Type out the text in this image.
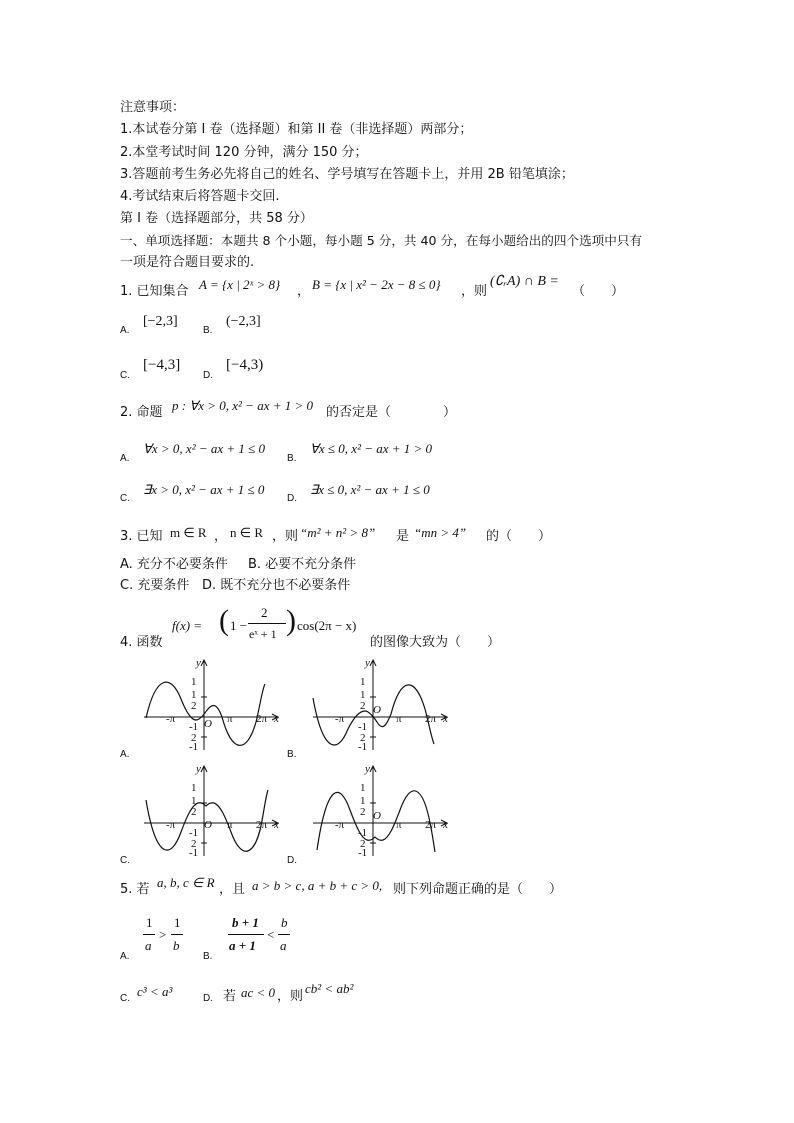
注意事项：
1.本试卷分第 I 卷（选择题）和第 II 卷（非选择题）两部分；
2.本堂考试时间 120 分钟，满分 150 分；
3.答题前考生务必先将自己的姓名、学号填写在答题卡上，并用 2B 铅笔填涂；
4.考试结束后将答题卡交回.
第 I 卷（选择题部分，共 58 分）
一、单项选择题：本题共 8 个小题，每小题 5 分，共 40 分，在每小题给出的四个选项中只有
一项是符合题目要求的.
1. 已知集合 A = {x | 2ˣ > 8} ， B = {x | x² − 2x − 8 ≤ 0} ，则
(∁ᵣA) ∩ B =
（　　）
A.
[−2,3]
B.
(−2,3]
C.
[−4,3]
D.
[−4,3)
2. 命题 p : ∀x > 0, x² − ax + 1 > 0 的否定是（　　　　）
A.
∀x > 0, x² − ax + 1 ≤ 0
B.
∀x ≤ 0, x² − ax + 1 > 0
C.
∃x > 0, x² − ax + 1 ≤ 0
D.
∃x ≤ 0, x² − ax + 1 ≤ 0
3. 已知 m ∈ R ， n ∈ R ，则 “m² + n² > 8” 是 “mn > 4” 的（　　）
A. 充分不必要条件 B. 必要不充分条件
C. 充要条件 D. 既不充分也不必要条件
4. 函数
f(x) = ( 1 −
2
eˣ + 1 ) cos(2π − x)
的图像大致为（　　）
y
x
O
1
1
2
-1
2
-1
-π	π 2π
A.
y
x
O
1
1
2
-1
2
-1
-π	π 2π
B.
y
x
O
1
1
2
-1
2
-1
-π	π 2π
C.
y
x
O
1
1
2
-1
2
-1
-π	π 2π
D.
5. 若 a, b, c ∈ R ，且 a > b > c, a + b + c > 0, 则下列命题正确的是（　　）
A.
1
a
>
1
b
B.
b + 1
a + 1
<
b
a
C. c³ < a³	D. 若 ac < 0 ，则
cb² < ab²
